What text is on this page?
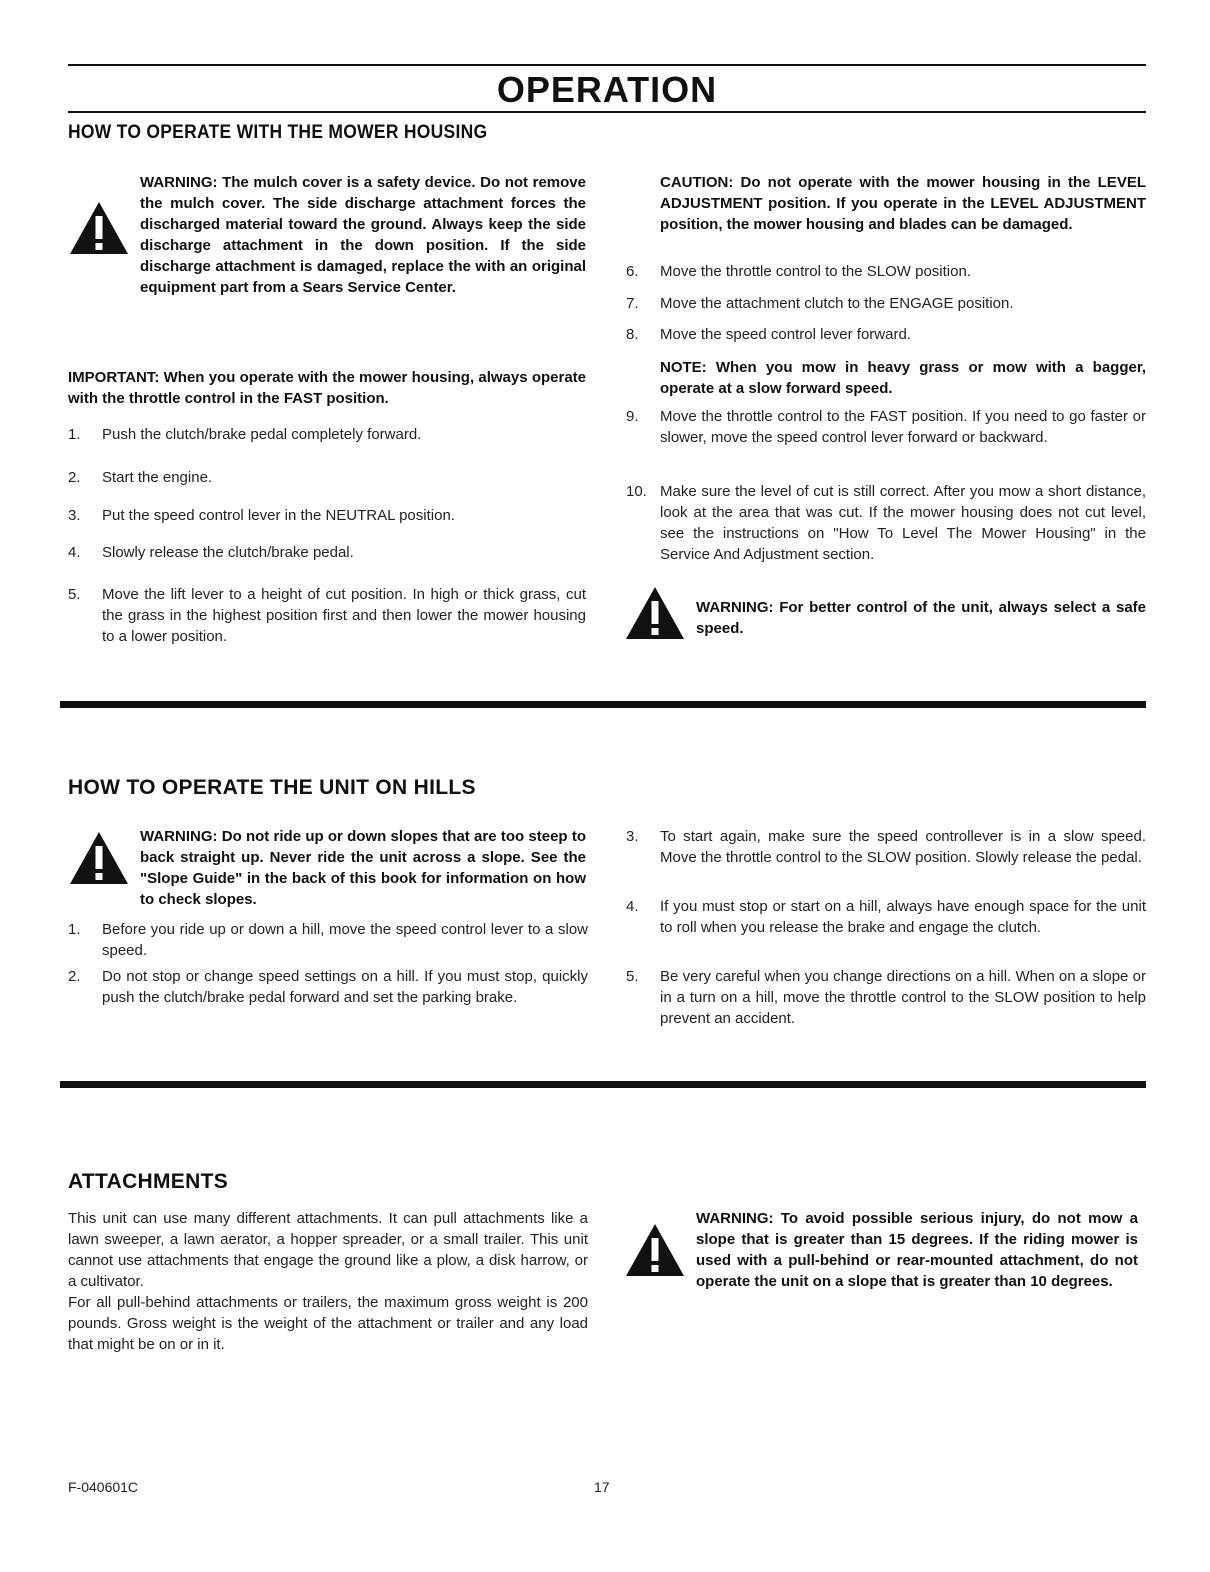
OPERATION
HOW TO OPERATE WITH THE MOWER HOUSING
WARNING: The mulch cover is a safety device. Do not remove the mulch cover. The side discharge attachment forces the discharged material toward the ground. Always keep the side discharge attachment in the down position. If the side discharge attachment is damaged, replace the with an original equipment part from a Sears Service Center.
IMPORTANT: When you operate with the mower housing, always operate with the throttle control in the FAST position.
1.	Push the clutch/brake pedal completely forward.
2.	Start the engine.
3.	Put the speed control lever in the NEUTRAL position.
4.	Slowly release the clutch/brake pedal.
5.	Move the lift lever to a height of cut position. In high or thick grass, cut the grass in the highest position first and then lower the mower housing to a lower position.
CAUTION: Do not operate with the mower housing in the LEVEL ADJUSTMENT position. If you operate in the LEVEL ADJUSTMENT position, the mower housing and blades can be damaged.
6.	Move the throttle control to the SLOW position.
7.	Move the attachment clutch to the ENGAGE position.
8.	Move the speed control lever forward.
NOTE: When you mow in heavy grass or mow with a bagger, operate at a slow forward speed.
9.	Move the throttle control to the FAST position. If you need to go faster or slower, move the speed control lever forward or backward.
10. Make sure the level of cut is still correct. After you mow a short distance, look at the area that was cut. If the mower housing does not cut level, see the instructions on "How To Level The Mower Housing" in the Service And Adjustment section.
WARNING: For better control of the unit, always select a safe speed.
HOW TO OPERATE THE UNIT ON HILLS
WARNING: Do not ride up or down slopes that are too steep to back straight up. Never ride the unit across a slope. See the "Slope Guide" in the back of this book for information on how to check slopes.
1.	Before you ride up or down a hill, move the speed control lever to a slow speed.
2.	Do not stop or change speed settings on a hill. If you must stop, quickly push the clutch/brake pedal forward and set the parking brake.
3.	To start again, make sure the speed controllever is in a slow speed. Move the throttle control to the SLOW position. Slowly release the pedal.
4.	If you must stop or start on a hill, always have enough space for the unit to roll when you release the brake and engage the clutch.
5.	Be very careful when you change directions on a hill. When on a slope or in a turn on a hill, move the throttle control to the SLOW position to help prevent an accident.
ATTACHMENTS
This unit can use many different attachments. It can pull attachments like a lawn sweeper, a lawn aerator, a hopper spreader, or a small trailer. This unit cannot use attachments that engage the ground like a plow, a disk harrow, or a cultivator.
For all pull-behind attachments or trailers, the maximum gross weight is 200 pounds. Gross weight is the weight of the attachment or trailer and any load that might be on or in it.
WARNING: To avoid possible serious injury, do not mow a slope that is greater than 15 degrees. If the riding mower is used with a pull-behind or rear-mounted attachment, do not operate the unit on a slope that is greater than 10 degrees.
F-040601C	17
